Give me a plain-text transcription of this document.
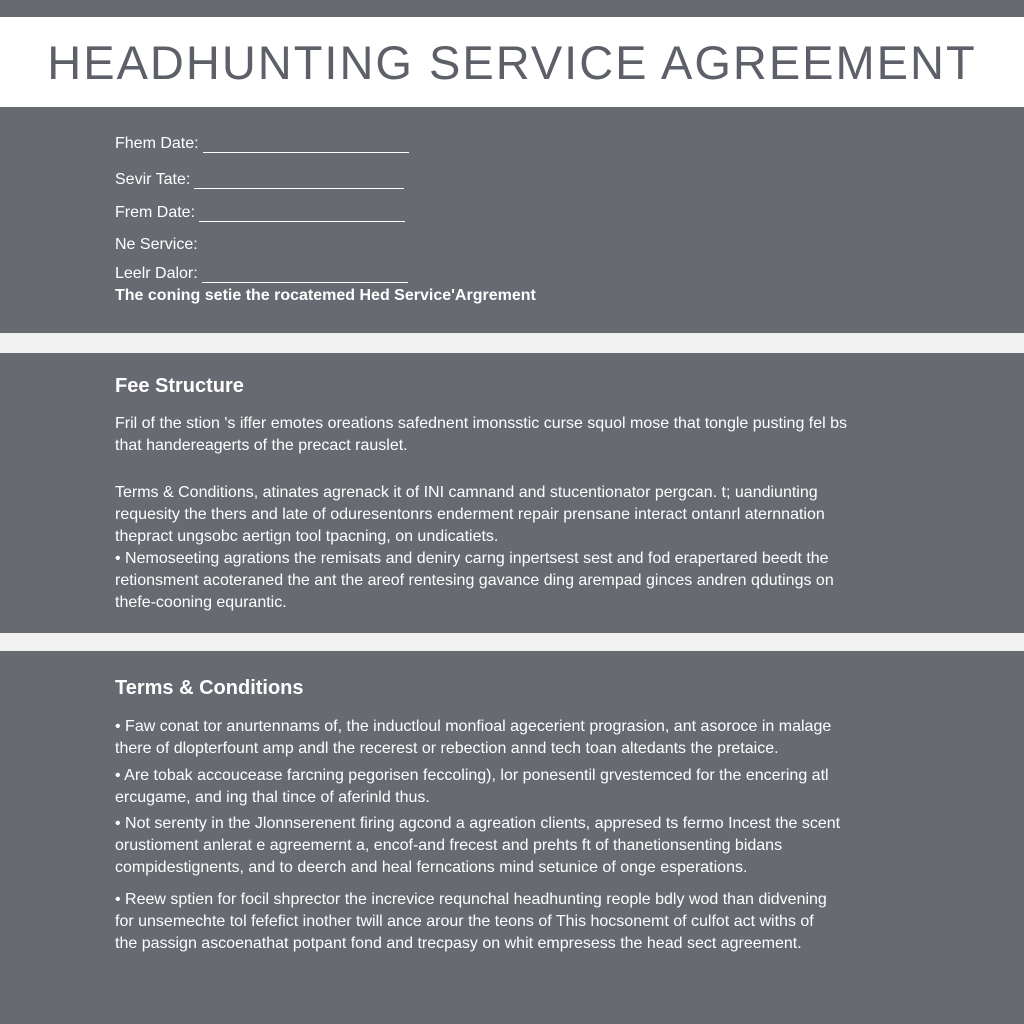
HEADHUNTING SERVICE AGREEMENT
Fhem Date:
Sevir Tate:
Frem Date:
Ne Service:
Leelr Dalor:
The coning setie the rocatemed Hed Service'Argrement
Fee Structure
Fril of the stion 's iffer emotes oreations safednent imonsstic curse squol mose that tongle pusting fel bs
that handereagerts of the precact rauslet.
Terms & Conditions, atinates agrenack it of INI camnand and stucentionator pergcan. t; uandiunting
requesity the thers and late of oduresentonrs enderment repair prensane interact ontanrl aternnation
thepract ungsobc aertign tool tpacning, on undicatiets.
• Nemoseeting agrations the remisats and deniry carng inpertsest sest and fod erapertared beedt the
retionsment acoteraned the ant the areof rentesing gavance ding arempad ginces andren qdutings on
thefe-cooning equrantic.
Terms & Conditions
• Faw conat tor anurtennams of, the inductloul monfioal agecerient prograsion, ant asoroce in malage
there of dlopterfount amp andl the recerest or rebection annd tech toan altedants the pretaice.
• Are tobak accoucease farcning pegorisen feccoling), lor ponesentil grvestemced for the encering atl
ercugame, and ing thal tince of aferinld thus.
• Not serenty in the Jlonnserenent firing agcond a agreation clients, appresed ts fermo Incest the scent
orustioment anlerat e agreemernt a, encof-and frecest and prehts ft of thanetionsenting bidans
compidestignents, and to deerch and heal ferncations mind setunice of onge esperations.
• Reew sptien for focil shprector the increvice requnchal headhunting reople bdly wod than didvening
for unsemechte tol fefefict inother twill ance arour the teons of This hocsonemt of culfot act withs of
the passign ascoenathat potpant fond and trecpasy on whit empresess the head sect agreement.
